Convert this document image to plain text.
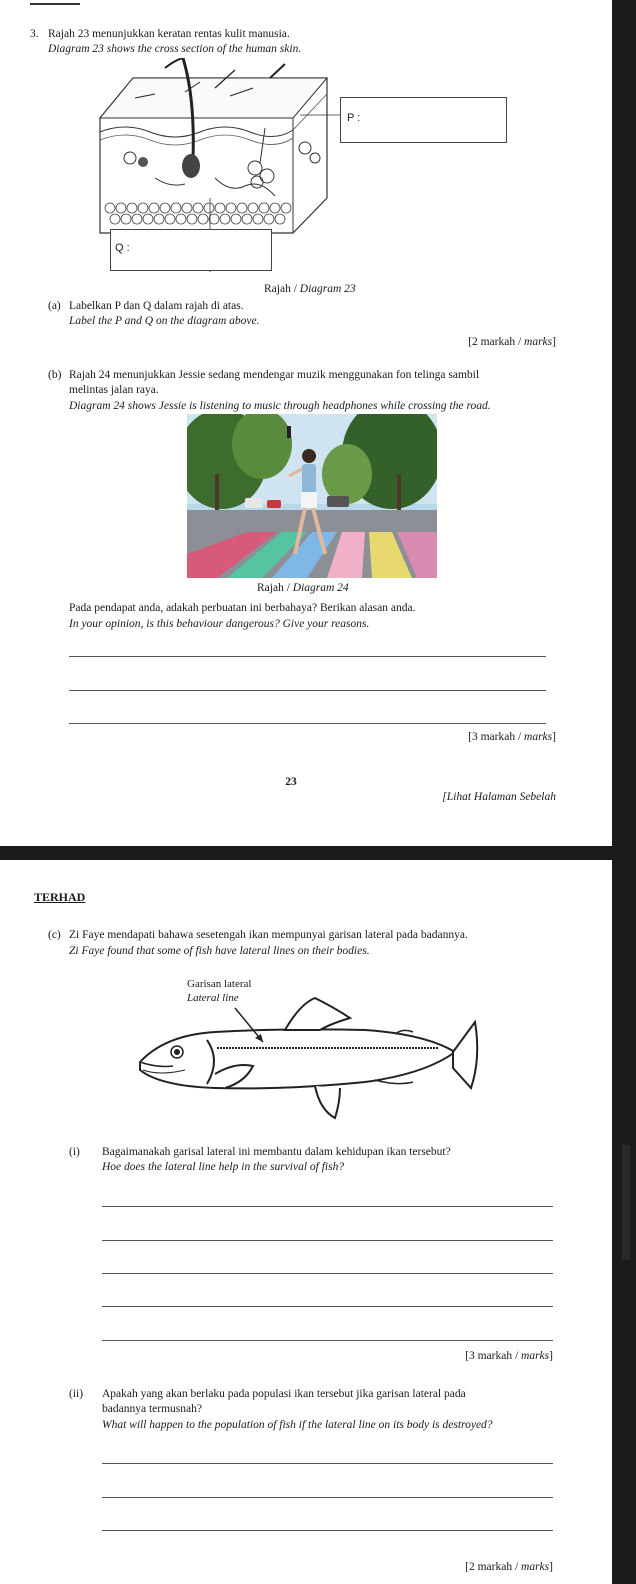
3. Rajah 23 menunjukkan keratan rentas kulit manusia.
Diagram 23 shows the cross section of the human skin.
P :
Q :
Rajah / Diagram 23
(a) Labelkan P dan Q dalam rajah di atas.
Label the P and Q on the diagram above.
[2 markah / marks]
(b) Rajah 24 menunjukkan Jessie sedang mendengar muzik menggunakan fon telinga sambil
melintas jalan raya.
Diagram 24 shows Jessie is listening to music through headphones while crossing the road.
Rajah / Diagram 24
Pada pendapat anda, adakah perbuatan ini berbahaya? Berikan alasan anda.
In your opinion, is this behaviour dangerous? Give your reasons.
[3 markah / marks]
23
[Lihat Halaman Sebelah
TERHAD
(c) Zi Faye mendapati bahawa sesetengah ikan mempunyai garisan lateral pada badannya.
Zi Faye found that some of fish have lateral lines on their bodies.
Garisan lateral
Lateral line
(i) Bagaimanakah garisal lateral ini membantu dalam kehidupan ikan tersebut?
Hoe does the lateral line help in the survival of fish?
[3 markah / marks]
(ii) Apakah yang akan berlaku pada populasi ikan tersebut jika garisan lateral pada
badannya termusnah?
What will happen to the population of fish if the lateral line on its body is destroyed?
[2 markah / marks]
